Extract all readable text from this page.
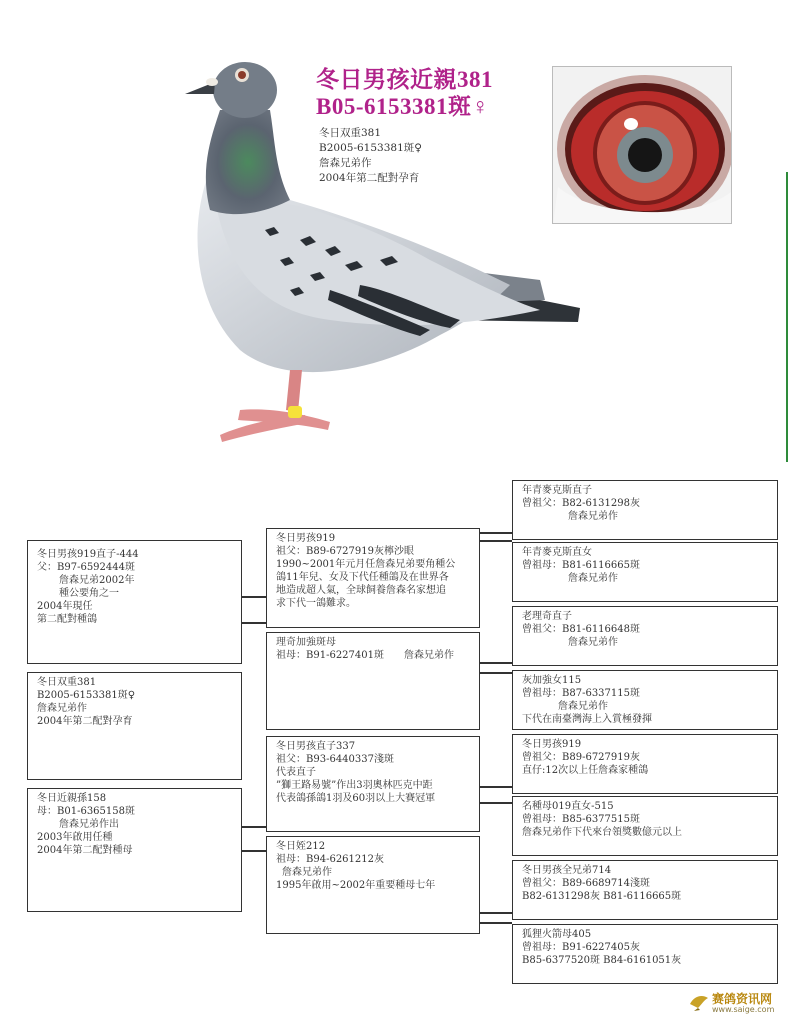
冬日男孩近親381
B05-6153381斑♀
冬日双重381
B2005-6153381斑♀
詹森兄弟作
2004年第二配對孕育
冬日男孩919直子-444
父：B97-6592444斑
詹森兄弟2002年
種公要角之一
2004年現任
第二配對種鴿
冬日双重381
B2005-6153381斑♀
詹森兄弟作
2004年第二配對孕育
冬日近親孫158
母：B01-6365158斑
詹森兄弟作出
2003年啟用任種
2004年第二配對種母
冬日男孩919
祖父：B89-6727919灰檸沙眼
1990~2001年元月任詹森兄弟要角種公
鴿11年兒、女及下代任種鴿及在世界各
地造成超人氣，全球飼養詹森名家想追
求下代一鴿難求。
理奇加強斑母
祖母：B91-6227401斑　　詹森兄弟作
冬日男孩直子337
祖父：B93-6440337淺斑
代表直子
”獅王路易號”作出3羽奧林匹克中距
代表鴿孫鴿1羽及60羽以上大賽冠軍
冬日姪212
祖母：B94-6261212灰
詹森兄弟作
1995年啟用~2002年重要種母七年
年青麥克斯直子
曾祖父：B82-6131298灰
詹森兄弟作
年青麥克斯直女
曾祖母：B81-6116665斑
詹森兄弟作
老理奇直子
曾祖父：B81-6116648斑
詹森兄弟作
灰加強女115
曾祖母：B87-6337115斑
詹森兄弟作
下代在南臺灣海上入賞極發揮
冬日男孩919
曾祖父：B89-6727919灰
直仔:12次以上任詹森家種鴿
名種母019直女-515
曾祖母：B85-6377515斑
詹森兄弟作下代來台領獎數億元以上
冬日男孩全兄弟714
曾祖父：B89-6689714淺斑
B82-6131298灰 B81-6116665斑
狐狸火箭母405
曾祖母：B91-6227405灰
B85-6377520斑 B84-6161051灰
赛鸽资讯网
www.saige.com
